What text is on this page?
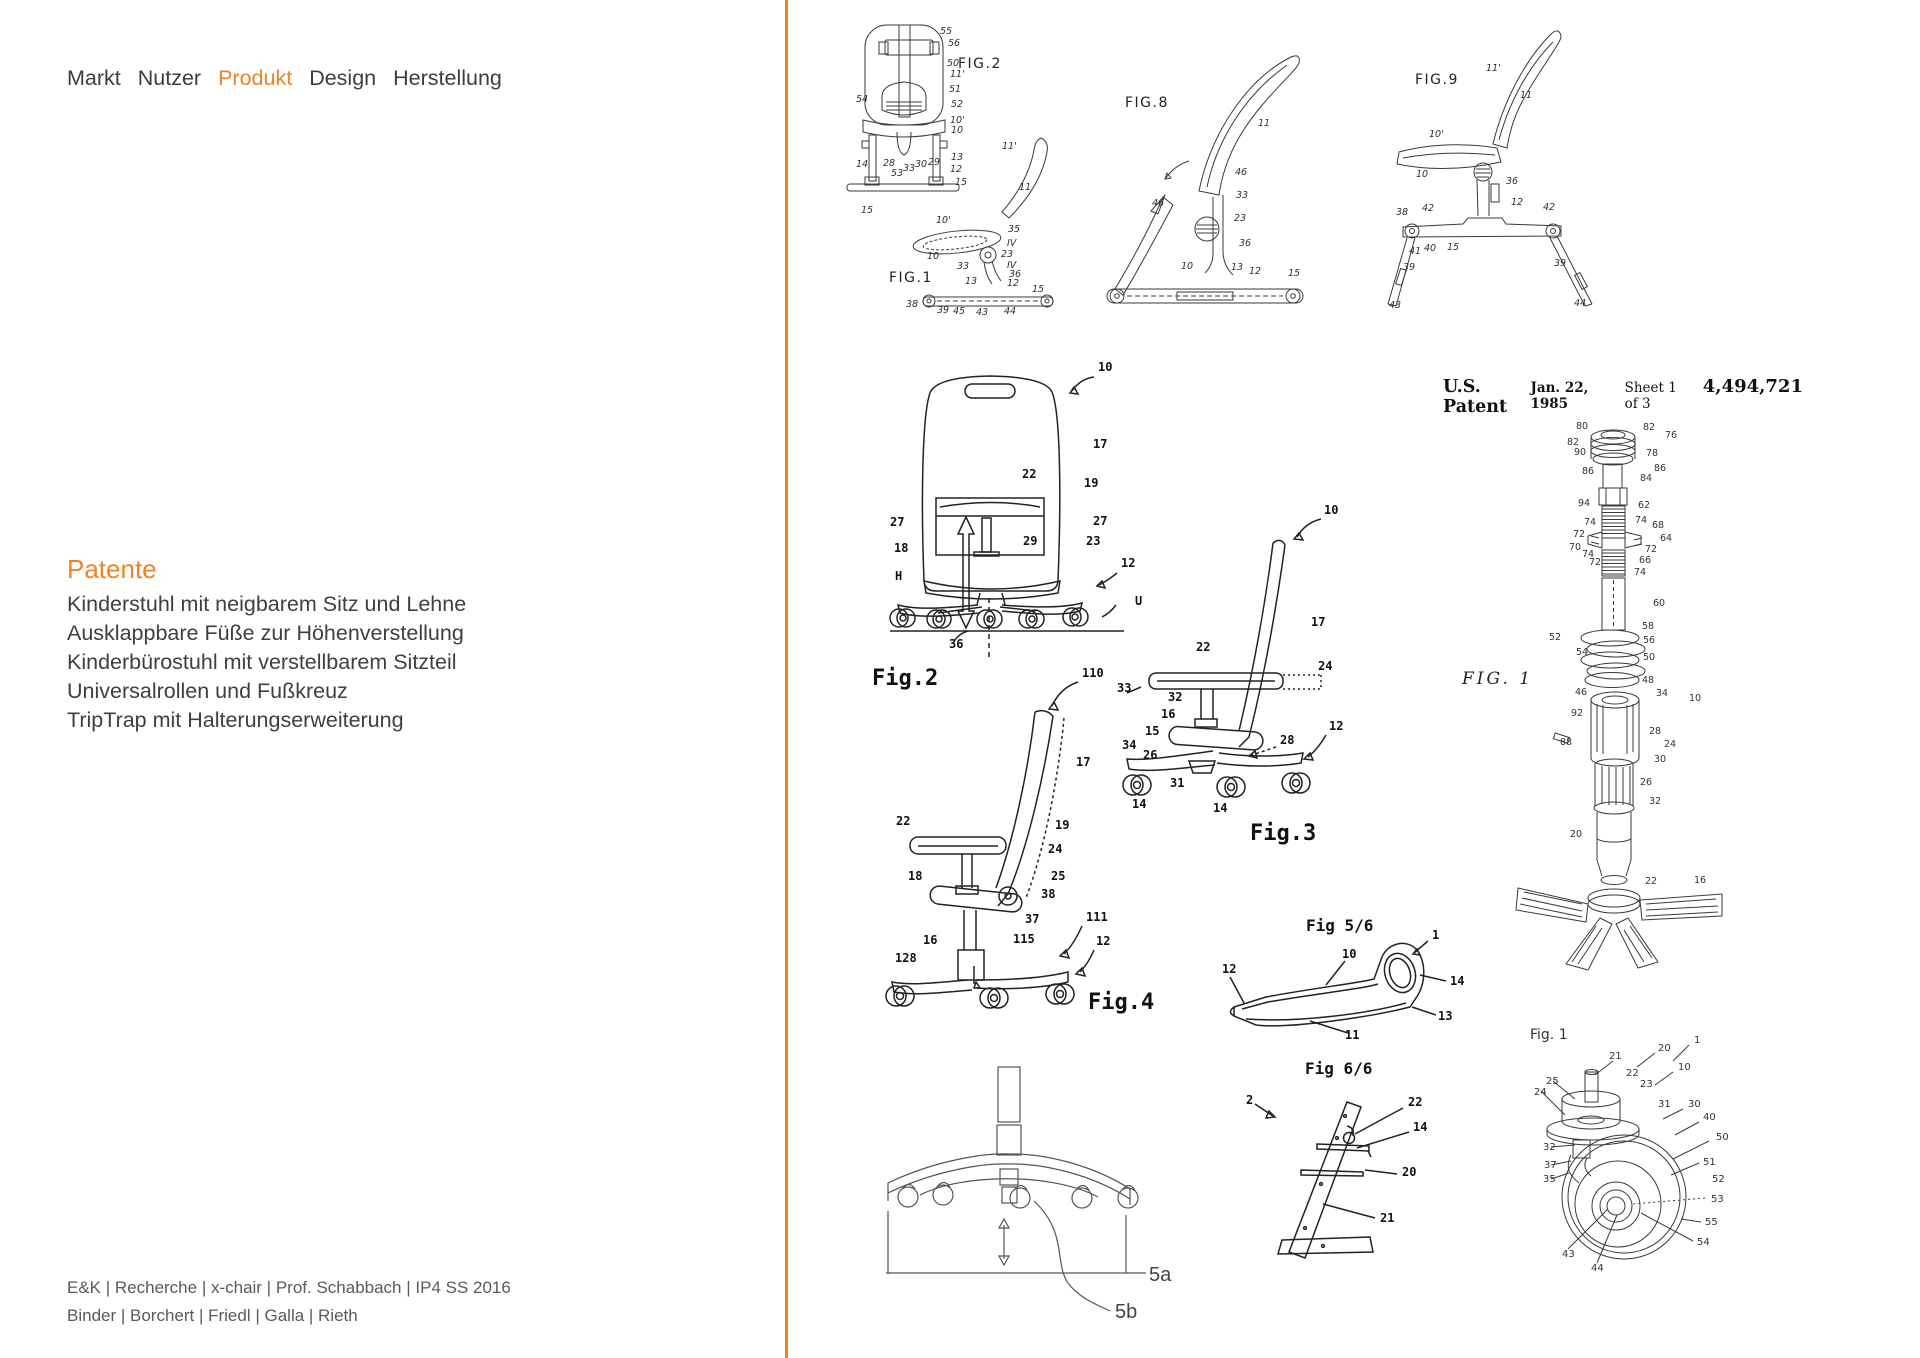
Markt Nutzer Produkt Design Herstellung
Patente
Kinderstuhl mit neigbarem Sitz und Lehne
Ausklappbare Füße zur Höhenverstellung
Kinderbürostuhl mit verstellbarem Sitzteil
Universalrollen und Fußkreuz
TripTrap mit Halterungserweiterung
E&K | Recherche | x-chair | Prof. Schabbach | IP4 SS 2016
Binder | Borchert | Friedl | Galla | Rieth
U.S. Patent
Jan. 22, 1985
Sheet 1 of 3
4,494,721
FIG.2
FIG.1
55
56
50
11'
51
52
54
10'
10
13
12
15
14 28
53 33 30 29
15
11'
11
10'
10
35
IV
23
33	IV
36
13	12
15
38
39 45 43 44
FIG.8
11
46
33
23
36
46
10	13 12	15
FIG.9
11'
11
10'
10
36
12
38 42	42
41 40 15
39	39
43	44
FIG. 1
80	82
76
82
90	78
86	86
84
94	62
74	74 68
72	64
70	72
74
72	66
74
60
58
52	56
54	50
48
46	34 10
92
88
28
24
30
26
32
20
22	16
Fig.2
10
17
19
22
27	27
29	23
18
H
12
U
36
Fig.3
10
17
22
24
33
32
16
15
34
26
28
12
31
14	14
Fig.4
110
17
19
24
22
18	25
38
37
16	115
128
111
12
Fig 5/6	1
10
12
14
13
11
Fig 6/6
2	22
14
20
21
5a
5b
Fig. 1
21
20
1
22
23
10
25
24
31 30
40
50
32
51
37
52
35
53
55
54
43
44
